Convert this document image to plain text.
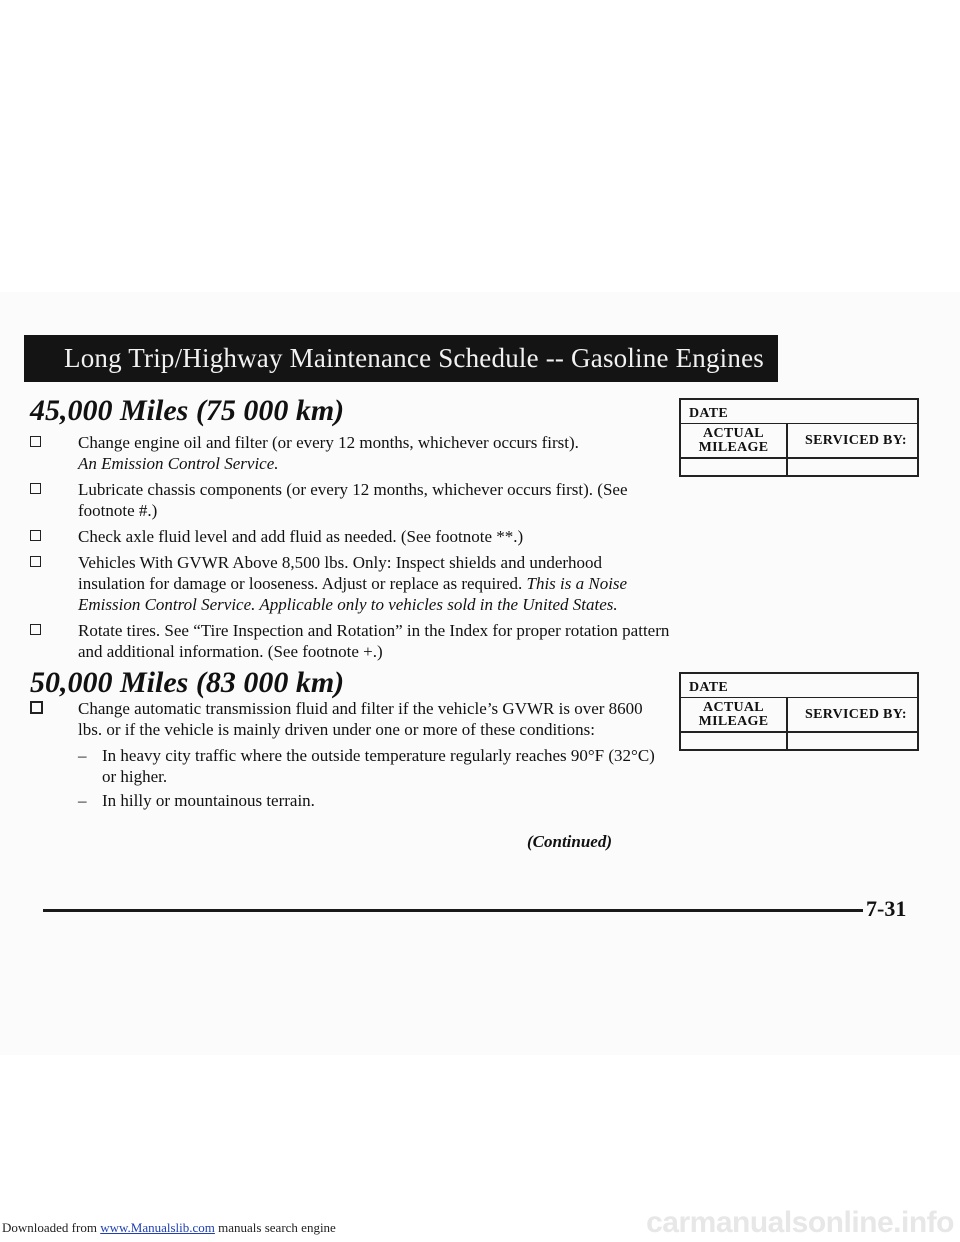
Long Trip/Highway Maintenance Schedule -- Gasoline Engines
45,000 Miles (75 000 km)
Change engine oil and filter (or every 12 months, whichever occurs first).
An Emission Control Service.
Lubricate chassis components (or every 12 months, whichever occurs first). (See footnote #.)
Check axle fluid level and add fluid as needed. (See footnote **.)
Vehicles With GVWR Above 8,500 lbs. Only: Inspect shields and underhood insulation for damage or looseness. Adjust or replace as required. This is a Noise Emission Control Service. Applicable only to vehicles sold in the United States.
Rotate tires. See “Tire Inspection and Rotation” in the Index for proper rotation pattern and additional information. (See footnote +.)
DATE
ACTUAL MILEAGE	SERVICED BY:
50,000 Miles (83 000 km)
Change automatic transmission fluid and filter if the vehicle’s GVWR is over 8600 lbs. or if the vehicle is mainly driven under one or more of these conditions:
– In heavy city traffic where the outside temperature regularly reaches 90°F (32°C) or higher.
– In hilly or mountainous terrain.
DATE
ACTUAL MILEAGE	SERVICED BY:
(Continued)
7-31
Downloaded from www.Manualslib.com manuals search engine	carmanualsonline.info
